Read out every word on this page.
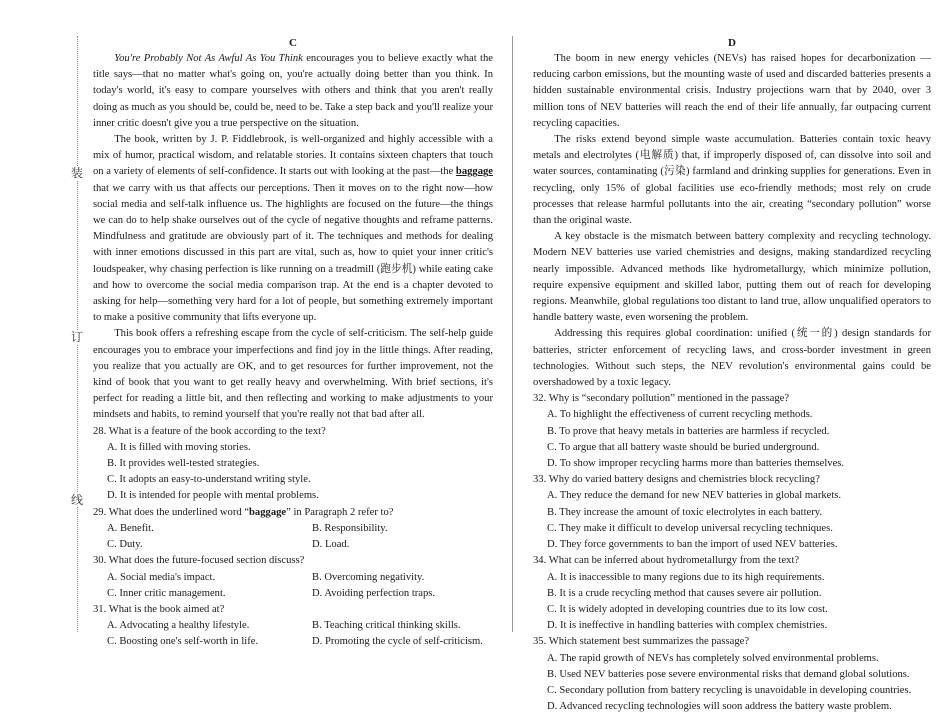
装
订
线
C

You're Probably Not As Awful As You Think encourages you to believe exactly what the title says—that no matter what's going on, you're actually doing better than you think. In today's world, it's easy to compare yourselves with others and think that you aren't really doing as much as you should be, could be, need to be. Take a step back and you'll realize your inner critic doesn't give you a true perspective on the situation.

The book, written by J. P. Fiddlebrook, is well-organized and highly accessible with a mix of humor, practical wisdom, and relatable stories. It contains sixteen chapters that touch on a variety of elements of self-confidence. It starts out with looking at the past—the baggage that we carry with us that affects our perceptions. Then it moves on to the right now—how social media and self-talk influence us. The highlights are focused on the future—the things we can do to help shake ourselves out of the cycle of negative thoughts and reframe patterns. Mindfulness and gratitude are obviously part of it. The techniques and methods for dealing with inner emotions discussed in this part are vital, such as, how to quiet your inner critic's loudspeaker, why chasing perfection is like running on a treadmill (跑步机) while eating cake and how to overcome the social media comparison trap. At the end is a chapter devoted to asking for help—something very hard for a lot of people, but something extremely important to make a positive community that lifts everyone up.

This book offers a refreshing escape from the cycle of self-criticism. The self-help guide encourages you to embrace your imperfections and find joy in the little things. After reading, you realize that you actually are OK, and to get resources for further improvement, not the kind of book that you want to get really heavy and overwhelming. With brief sections, it's perfect for reading a little bit, and then reflecting and working to make adjustments to your mindsets and habits, to remind yourself that you're really not that bad after all.

28. What is a feature of the book according to the text?

A. It is filled with moving stories.

B. It provides well-tested strategies.

C. It adopts an easy-to-understand writing style.

D. It is intended for people with mental problems.

29. What does the underlined word “baggage” in Paragraph 2 refer to?

A. Benefit.	B. Responsibility.

C. Duty.	D. Load.

30. What does the future-focused section discuss?

A. Social media's impact.	B. Overcoming negativity.

C. Inner critic management.	D. Avoiding perfection traps.

31. What is the book aimed at?

A. Advocating a healthy lifestyle.	B. Teaching critical thinking skills.

C. Boosting one's self-worth in life.	D. Promoting the cycle of self-criticism.

D

The boom in new energy vehicles (NEVs) has raised hopes for decarbonization — reducing carbon emissions, but the mounting waste of used and discarded batteries presents a hidden sustainable environmental crisis. Industry projections warn that by 2040, over 3 million tons of NEV batteries will reach the end of their life annually, far outpacing current recycling capacities.

The risks extend beyond simple waste accumulation. Batteries contain toxic heavy metals and electrolytes (电解质) that, if improperly disposed of, can dissolve into soil and water sources, contaminating (污染) farmland and drinking supplies for generations. Even in recycling, only 15% of global facilities use eco-friendly methods; most rely on crude processes that release harmful pollutants into the air, creating “secondary pollution” worse than the original waste.

A key obstacle is the mismatch between battery complexity and recycling technology. Modern NEV batteries use varied chemistries and designs, making standardized recycling nearly impossible. Advanced methods like hydrometallurgy, which minimize pollution, require expensive equipment and skilled labor, putting them out of reach for developing regions. Meanwhile, global regulations too distant to land true, allow unqualified operators to handle battery waste, even worsening the problem.

Addressing this requires global coordination: unified (统一的) design standards for batteries, stricter enforcement of recycling laws, and cross-border investment in green technologies. Without such steps, the NEV revolution's environmental gains could be overshadowed by a toxic legacy.

32. Why is “secondary pollution” mentioned in the passage?

A. To highlight the effectiveness of current recycling methods.

B. To prove that heavy metals in batteries are harmless if recycled.

C. To argue that all battery waste should be buried underground.

D. To show improper recycling harms more than batteries themselves.

33. Why do varied battery designs and chemistries block recycling?

A. They reduce the demand for new NEV batteries in global markets.

B. They increase the amount of toxic electrolytes in each battery.

C. They make it difficult to develop universal recycling techniques.

D. They force governments to ban the import of used NEV batteries.

34. What can be inferred about hydrometallurgy from the text?

A. It is inaccessible to many regions due to its high requirements.

B. It is a crude recycling method that causes severe air pollution.

C. It is widely adopted in developing countries due to its low cost.

D. It is ineffective in handling batteries with complex chemistries.

35. Which statement best summarizes the passage?

A. The rapid growth of NEVs has completely solved environmental problems.

B. Used NEV batteries pose severe environmental risks that demand global solutions.

C. Secondary pollution from battery recycling is unavoidable in developing countries.

D. Advanced recycling technologies will soon address the battery waste problem.
